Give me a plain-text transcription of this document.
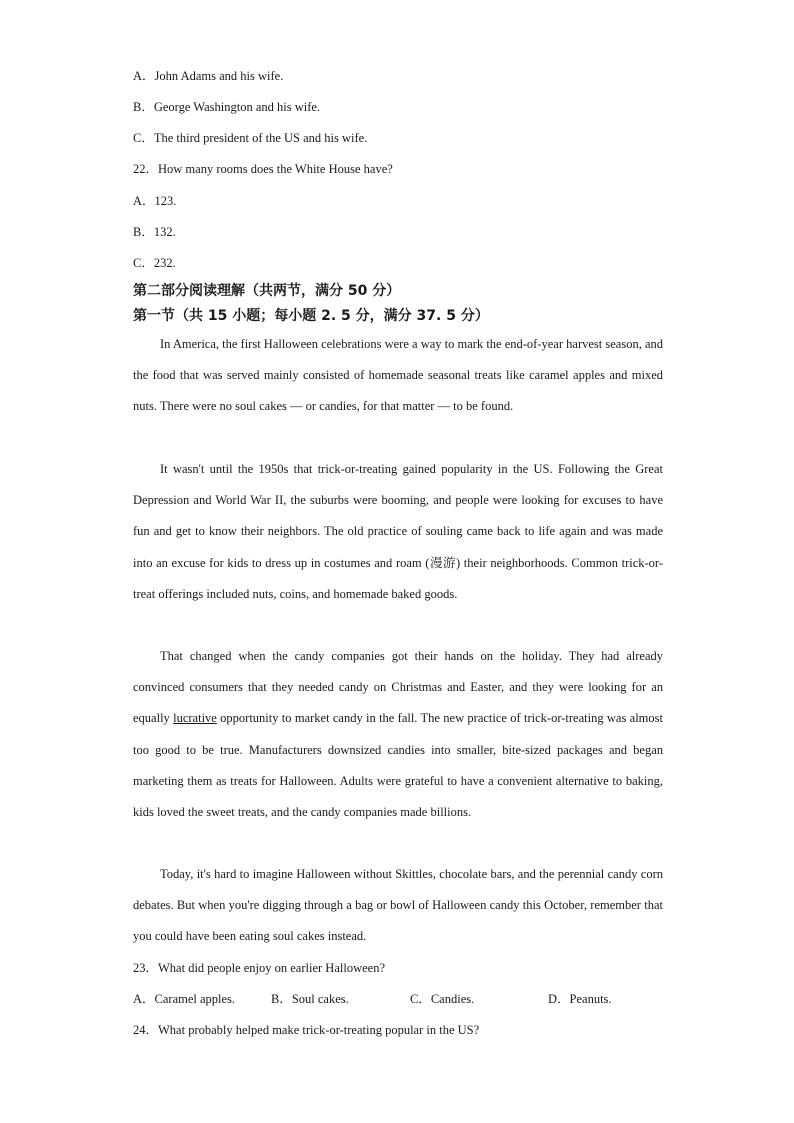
A．John Adams and his wife.
B．George Washington and his wife.
C．The third president of the US and his wife.
22．How many rooms does the White House have?
A．123.
B．132.
C．232.
第二部分阅读理解（共两节，满分 50 分）
第一节（共 15 小题；每小题 2. 5 分，满分 37. 5 分）
In America, the first Halloween celebrations were a way to mark the end-of-year harvest season, and the food that was served mainly consisted of homemade seasonal treats like caramel apples and mixed nuts. There were no soul cakes — or candies, for that matter — to be found.
It wasn't until the 1950s that trick-or-treating gained popularity in the US. Following the Great Depression and World War II, the suburbs were booming, and people were looking for excuses to have fun and get to know their neighbors. The old practice of souling came back to life again and was made into an excuse for kids to dress up in costumes and roam (漫游) their neighborhoods. Common trick-or-treat offerings included nuts, coins, and homemade baked goods.
That changed when the candy companies got their hands on the holiday. They had already convinced consumers that they needed candy on Christmas and Easter, and they were looking for an equally lucrative opportunity to market candy in the fall. The new practice of trick-or-treating was almost too good to be true. Manufacturers downsized candies into smaller, bite-sized packages and began marketing them as treats for Halloween. Adults were grateful to have a convenient alternative to baking, kids loved the sweet treats, and the candy companies made billions.
Today, it's hard to imagine Halloween without Skittles, chocolate bars, and the perennial candy corn debates. But when you're digging through a bag or bowl of Halloween candy this October, remember that you could have been eating soul cakes instead.
23．What did people enjoy on earlier Halloween?
A．Caramel apples.	B．Soul cakes.	C．Candies.	D．Peanuts.
24．What probably helped make trick-or-treating popular in the US?
